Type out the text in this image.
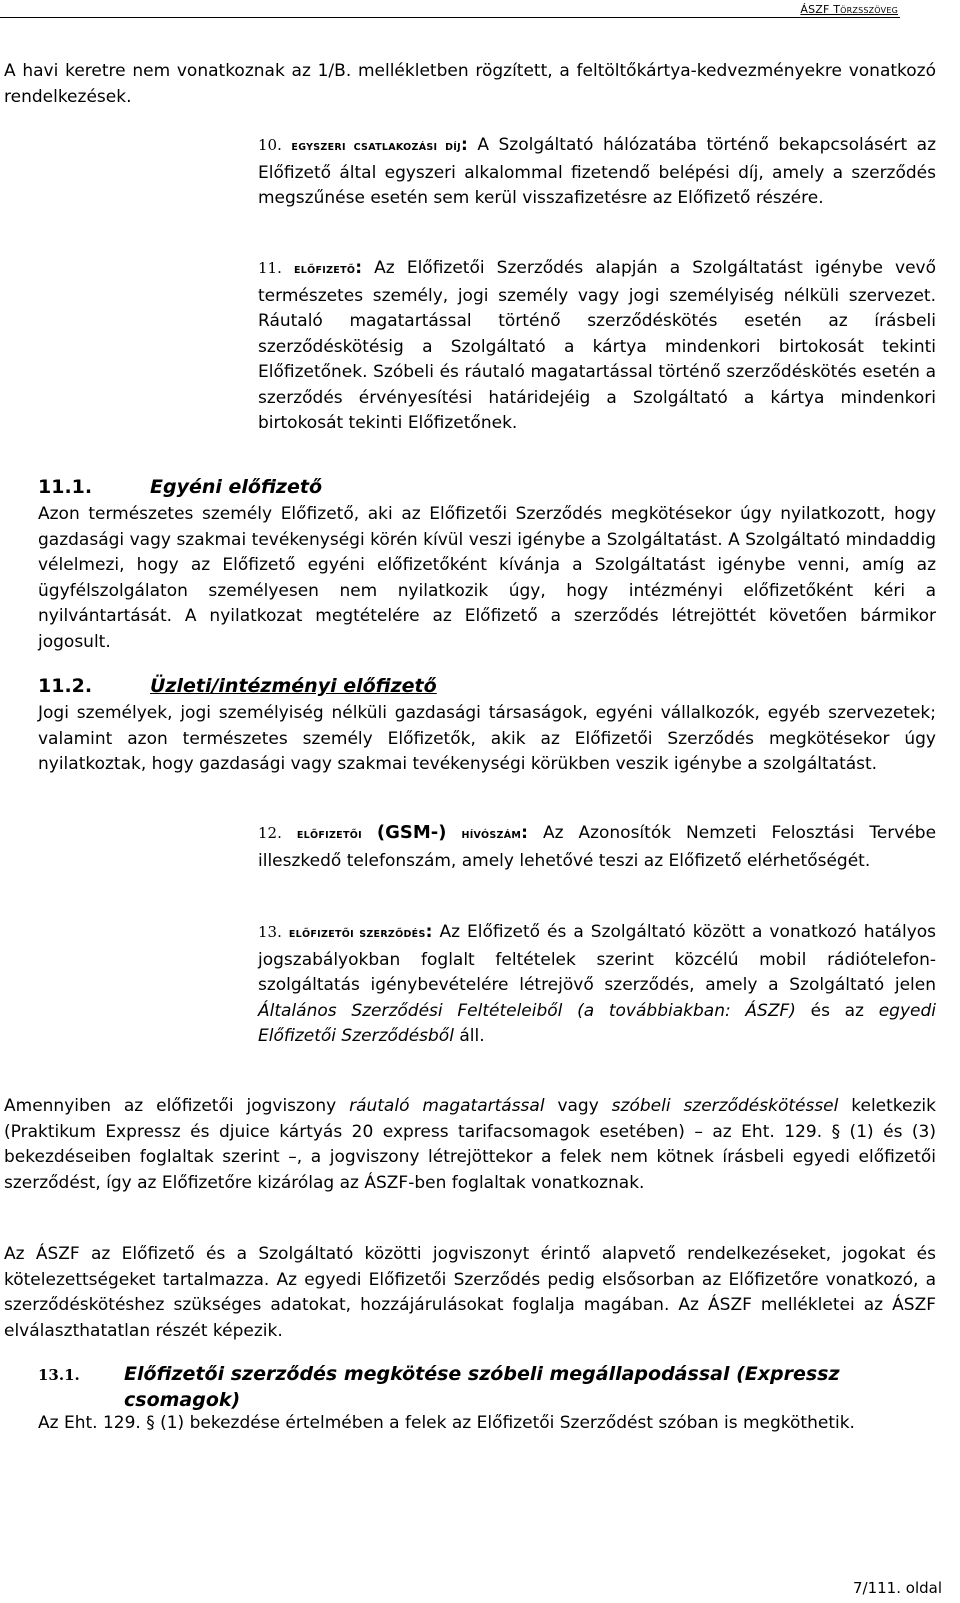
ÁSZF Törzsszöveg

A havi keretre nem vonatkoznak az 1/B. mellékletben rögzített, a feltöltőkártya-kedvezményekre vonatkozó rendelkezések.

10. EGYSZERI CSATLAKOZÁSI DÍJ: A Szolgáltató hálózatába történő bekapcsolásért az Előfizető által egyszeri alkalommal fizetendő belépési díj, amely a szerződés megszűnése esetén sem kerül visszafizetésre az Előfizető részére.

11. ELŐFIZETŐ: Az Előfizetői Szerződés alapján a Szolgáltatást igénybe vevő természetes személy, jogi személy vagy jogi személyiség nélküli szervezet. Ráutaló magatartással történő szerződéskötés esetén az írásbeli szerződéskötésig a Szolgáltató a kártya mindenkori birtokosát tekinti Előfizetőnek. Szóbeli és ráutaló magatartással történő szerződéskötés esetén a szerződés érvényesítési határidejéig a Szolgáltató a kártya mindenkori birtokosát tekinti Előfizetőnek.

11.1.	Egyéni előfizető

Azon természetes személy Előfizető, aki az Előfizetői Szerződés megkötésekor úgy nyilatkozott, hogy gazdasági vagy szakmai tevékenységi körén kívül veszi igénybe a Szolgáltatást. A Szolgáltató mindaddig vélelmezi, hogy az Előfizető egyéni előfizetőként kívánja a Szolgáltatást igénybe venni, amíg az ügyfélszolgálaton személyesen nem nyilatkozik úgy, hogy intézményi előfizetőként kéri a nyilvántartását. A nyilatkozat megtételére az Előfizető a szerződés létrejöttét követően bármikor jogosult.

11.2.	Üzleti/intézményi előfizető

Jogi személyek, jogi személyiség nélküli gazdasági társaságok, egyéni vállalkozók, egyéb szervezetek; valamint azon természetes személy Előfizetők, akik az Előfizetői Szerződés megkötésekor úgy nyilatkoztak, hogy gazdasági vagy szakmai tevékenységi körükben veszik igénybe a szolgáltatást.

12. ELŐFIZETŐI (GSM-) HÍVÓSZÁM: Az Azonosítók Nemzeti Felosztási Tervébe illeszkedő telefonszám, amely lehetővé teszi az Előfizető elérhetőségét.

13. ELŐFIZETŐI SZERZŐDÉS: Az Előfizető és a Szolgáltató között a vonatkozó hatályos jogszabályokban foglalt feltételek szerint közcélú mobil rádiótelefon-szolgáltatás igénybevételére létrejövő szerződés, amely a Szolgáltató jelen Általános Szerződési Feltételeiből (a továbbiakban: ÁSZF) és az egyedi Előfizetői Szerződésből áll.

Amennyiben az előfizetői jogviszony ráutaló magatartással vagy szóbeli szerződéskötéssel keletkezik (Praktikum Expressz és djuice kártyás 20 express tarifacsomagok esetében) – az Eht. 129. § (1) és (3) bekezdéseiben foglaltak szerint –, a jogviszony létrejöttekor a felek nem kötnek írásbeli egyedi előfizetői szerződést, így az Előfizetőre kizárólag az ÁSZF-ben foglaltak vonatkoznak.

Az ÁSZF az Előfizető és a Szolgáltató közötti jogviszonyt érintő alapvető rendelkezéseket, jogokat és kötelezettségeket tartalmazza. Az egyedi Előfizetői Szerződés pedig elsősorban az Előfizetőre vonatkozó, a szerződéskötéshez szükséges adatokat, hozzájárulásokat foglalja magában. Az ÁSZF mellékletei az ÁSZF elválaszthatatlan részét képezik.

13.1. Előfizetői szerződés megkötése szóbeli megállapodással (Expressz csomagok)

Az Eht. 129. § (1) bekezdése értelmében a felek az Előfizetői Szerződést szóban is megköthetik.

7/111. oldal
